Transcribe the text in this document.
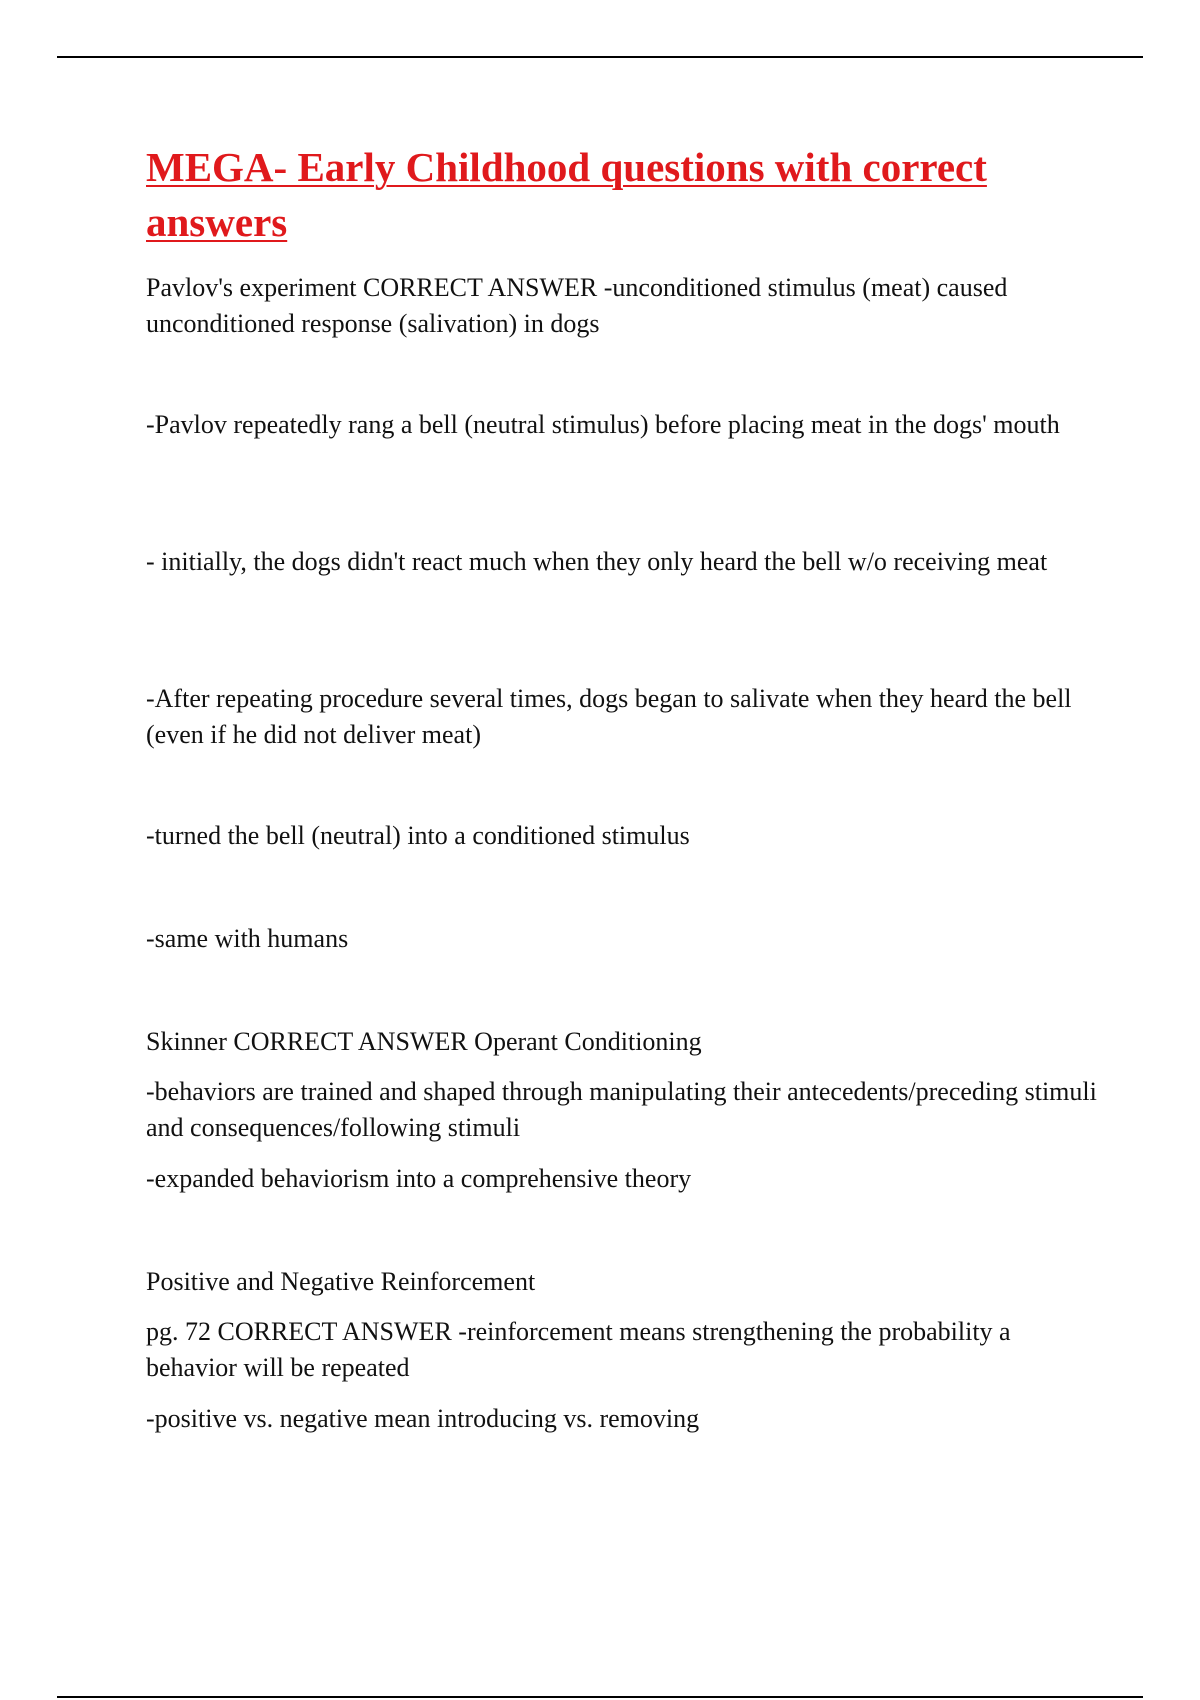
MEGA- Early Childhood questions with correct answers

Pavlov's experiment CORRECT ANSWER -unconditioned stimulus (meat) caused unconditioned response (salivation) in dogs

-Pavlov repeatedly rang a bell (neutral stimulus) before placing meat in the dogs' mouth

- initially, the dogs didn't react much when they only heard the bell w/o receiving meat

-After repeating procedure several times, dogs began to salivate when they heard the bell (even if he did not deliver meat)

-turned the bell (neutral) into a conditioned stimulus

-same with humans

Skinner CORRECT ANSWER Operant Conditioning

-behaviors are trained and shaped through manipulating their antecedents/preceding stimuli and consequences/following stimuli

-expanded behaviorism into a comprehensive theory

Positive and Negative Reinforcement

pg. 72 CORRECT ANSWER -reinforcement means strengthening the probability a behavior will be repeated

-positive vs. negative mean introducing vs. removing
